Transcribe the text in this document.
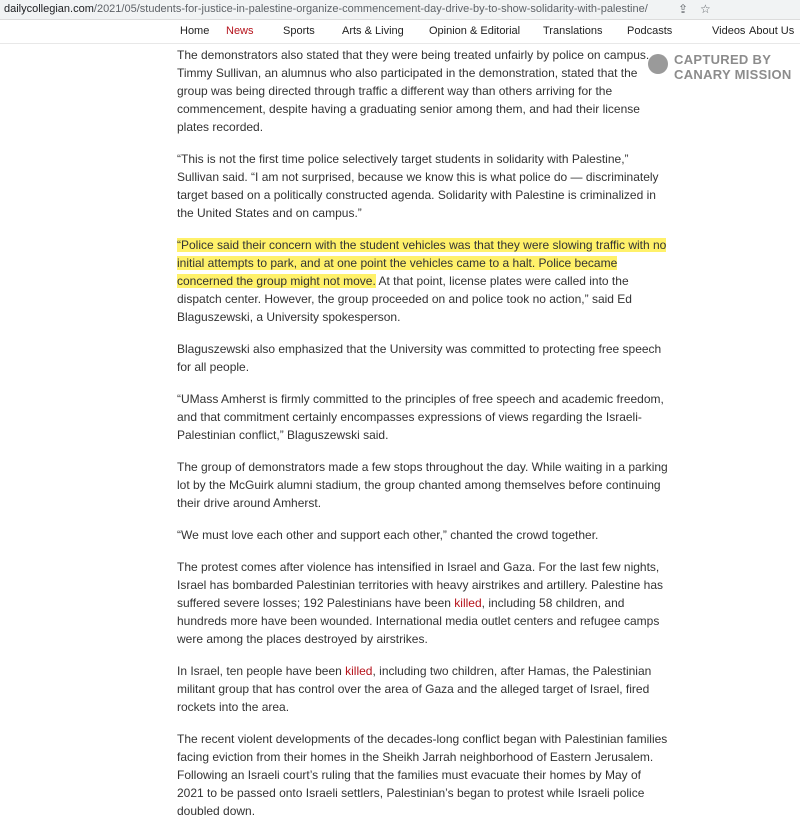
dailycollegian.com/2021/05/students-for-justice-in-palestine-organize-commencement-day-drive-by-to-show-solidarity-with-palestine/	⇪ ☆
Home News	Sports Arts & Living Opinion & Editorial Translations Podcasts	Videos About Us
CAPTURED BY
CANARY MISSION

The demonstrators also stated that they were being treated unfairly by police on campus. Timmy Sullivan, an alumnus who also participated in the demonstration, stated that the group was being directed through traffic a different way than others arriving for the commencement, despite having a graduating senior among them, and had their license plates recorded.

“This is not the first time police selectively target students in solidarity with Palestine,” Sullivan said. “I am not surprised, because we know this is what police do — discriminately target based on a politically constructed agenda. Solidarity with Palestine is criminalized in the United States and on campus.”

“Police said their concern with the student vehicles was that they were slowing traffic with no initial attempts to park, and at one point the vehicles came to a halt. Police became concerned the group might not move. At that point, license plates were called into the dispatch center. However, the group proceeded on and police took no action,” said Ed Blaguszewski, a University spokesperson.

Blaguszewski also emphasized that the University was committed to protecting free speech for all people.

“UMass Amherst is firmly committed to the principles of free speech and academic freedom, and that commitment certainly encompasses expressions of views regarding the Israeli-Palestinian conflict,” Blaguszewski said.

The group of demonstrators made a few stops throughout the day. While waiting in a parking lot by the McGuirk alumni stadium, the group chanted among themselves before continuing their drive around Amherst.

“We must love each other and support each other,” chanted the crowd together.

The protest comes after violence has intensified in Israel and Gaza. For the last few nights, Israel has bombarded Palestinian territories with heavy airstrikes and artillery. Palestine has suffered severe losses; 192 Palestinians have been killed, including 58 children, and hundreds more have been wounded. International media outlet centers and refugee camps were among the places destroyed by airstrikes.

In Israel, ten people have been killed, including two children, after Hamas, the Palestinian militant group that has control over the area of Gaza and the alleged target of Israel, fired rockets into the area.

The recent violent developments of the decades-long conflict began with Palestinian families facing eviction from their homes in the Sheikh Jarrah neighborhood of Eastern Jerusalem. Following an Israeli court’s ruling that the families must evacuate their homes by May of 2021 to be passed onto Israeli settlers, Palestinian’s began to protest while Israeli police doubled down.
